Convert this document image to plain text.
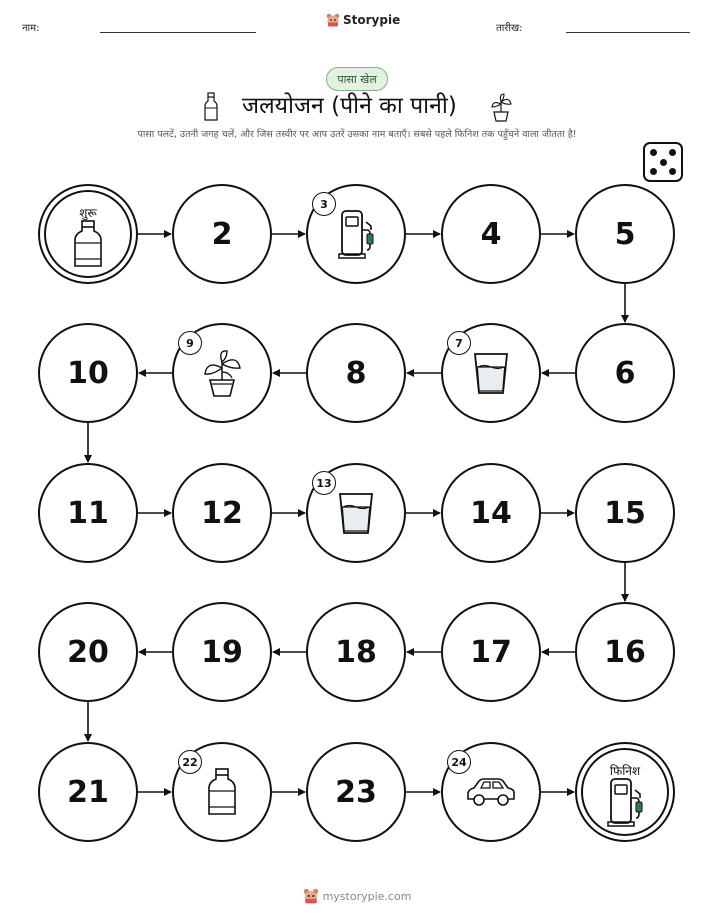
नाम:
Storypie
तारीख:
पासा खेल
जलयोजन (पीने का पानी)
पासा पलटें, उतनी जगह चलें, और जिस तस्वीर पर आप उतरें उसका नाम बताएँ। सबसे पहले फिनिश तक पहुँचने वाला जीतता है!
शुरू
2
3
4	5
6
7
8
9
10
11	12
13
14	15
16
17
18
19
20
21
22
23
24
फिनिश
mystorypie.com
